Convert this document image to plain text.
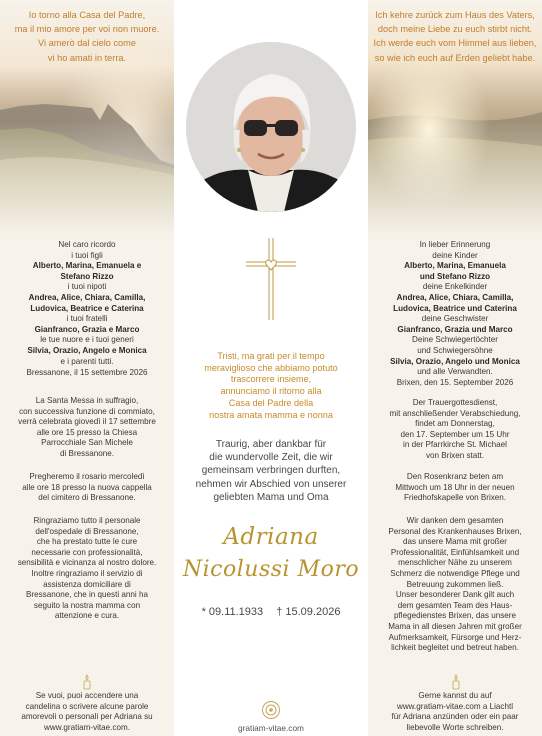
Io torno alla Casa del Padre,
ma il mio amore per voi non muore.
Vi amerò dal cielo come
vi ho amati in terra.
Nel caro ricordo
i tuoi figli
Alberto, Marina, Emanuela e
Stefano Rizzo
i tuoi nipoti
Andrea, Alice, Chiara, Camilla,
Ludovica, Beatrice e Caterina
i tuoi fratelli
Gianfranco, Grazia e Marco
le tue nuore e i tuoi generi
Silvia, Orazio, Angelo e Monica
e i parenti tutti.
Bressanone, il 15 settembre 2026
La Santa Messa in suffragio,
con successiva funzione di commiato,
verrà celebrata giovedì il 17 settembre
alle ore 15 presso la Chiesa
Parrocchiale San Michele
di Bressanone.
Pregheremo il rosario mercoledì
alle ore 18 presso la nuova cappella
del cimitero di Bressanone.
Ringraziamo tutto il personale
dell'ospedale di Bressanone,
che ha prestato tutte le cure
necessarie con professionalità,
sensibilità e vicinanza al nostro dolore.
Inoltre ringraziamo il servizio di
assistenza domiciliare di
Bressanone, che in questi anni ha
seguito la nostra mamma con
attenzione e cura.
Se vuoi, puoi accendere una
candelina o scrivere alcune parole
amorevoli o personali per Adriana su
www.gratiam-vitae.com.
Tristi, ma grati per il tempo
meraviglioso che abbiamo potuto
trascorrere insieme,
annunciamo il ritorno alla
Casa del Padre della
nostra amata mamma e nonna
Traurig, aber dankbar für
die wundervolle Zeit, die wir
gemeinsam verbringen durften,
nehmen wir Abschied von unserer
geliebten Mama und Oma
Adriana
Nicolussi Moro
* 09.11.1933 † 15.09.2026
gratiam-vitae.com
Ich kehre zurück zum Haus des Vaters,
doch meine Liebe zu euch stirbt nicht.
Ich werde euch vom Himmel aus lieben,
so wie ich euch auf Erden geliebt habe.
In lieber Erinnerung
deine Kinder
Alberto, Marina, Emanuela
und Stefano Rizzo
deine Enkelkinder
Andrea, Alice, Chiara, Camilla,
Ludovica, Beatrice und Caterina
deine Geschwister
Gianfranco, Grazia und Marco
Deine Schwiegertöchter
und Schwiegersöhne
Silvia, Orazio, Angelo und Monica
und alle Verwandten.
Brixen, den 15. September 2026
Der Trauergottesdienst,
mit anschließender Verabschiedung,
findet am Donnerstag,
den 17. September um 15 Uhr
in der Pfarrkirche St. Michael
von Brixen statt.
Den Rosenkranz beten am
Mittwoch um 18 Uhr in der neuen
Friedhofskapelle von Brixen.
Wir danken dem gesamten
Personal des Krankenhauses Brixen,
das unsere Mama mit großer
Professionalität, Einfühlsamkeit und
menschlicher Nähe zu unserem
Schmerz die notwendige Pflege und
Betreuung zukommen ließ.
Unser besonderer Dank gilt auch
dem gesamten Team des Haus-
pflegedienstes Brixen, das unsere
Mama in all diesen Jahren mit großer
Aufmerksamkeit, Fürsorge und Herz-
lichkeit begleitet und betreut haben.
Gerne kannst du auf
www.gratiam-vitae.com a Liachtl
für Adriana anzünden oder ein paar
liebevolle Worte schreiben.
